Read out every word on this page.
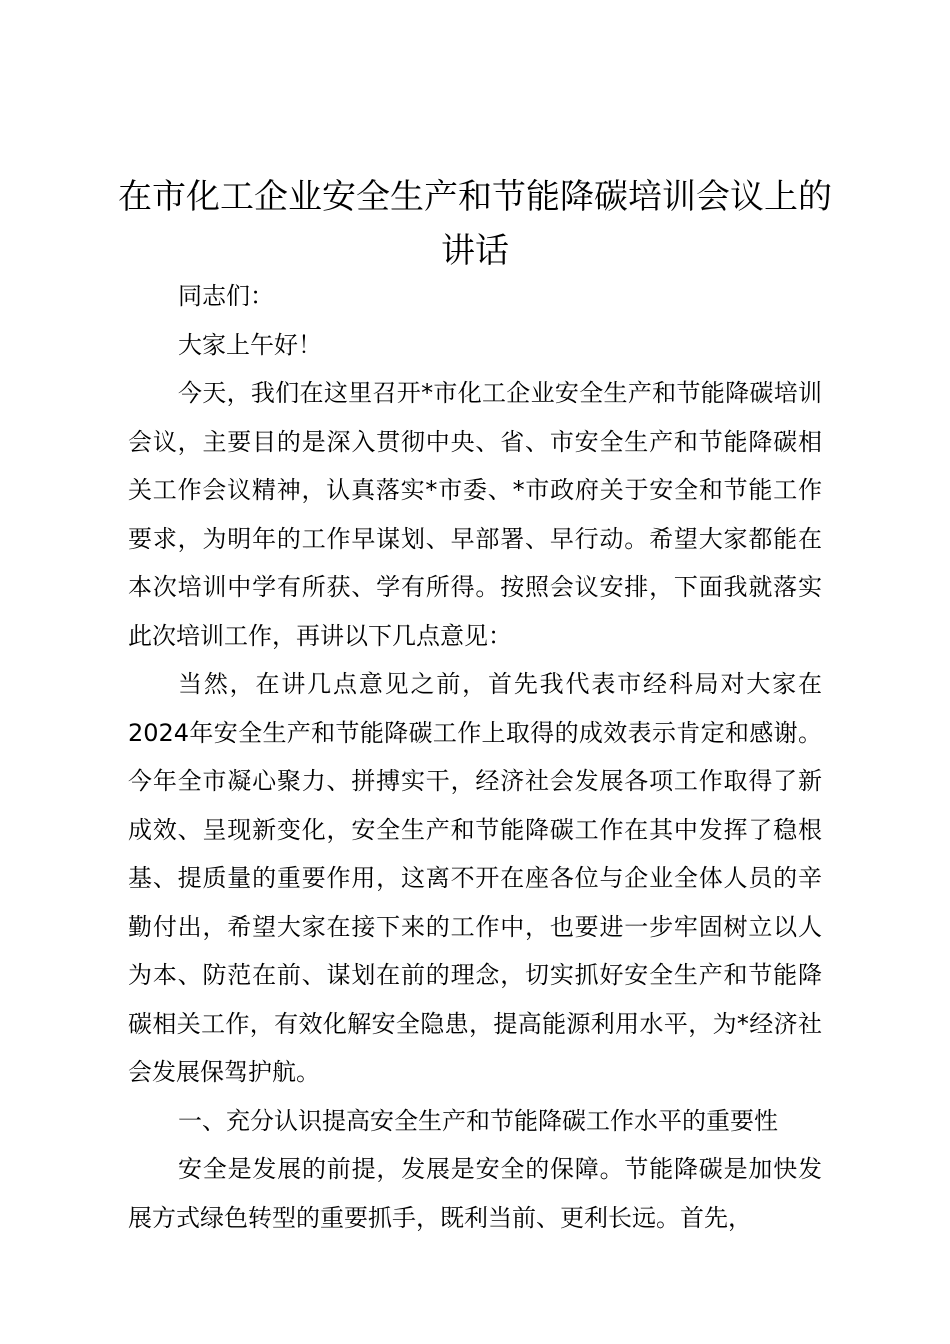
在市化工企业安全生产和节能降碳培训会议上的讲话

同志们：

大家上午好！

今天，我们在这里召开*市化工企业安全生产和节能降碳培训会议，主要目的是深入贯彻中央、省、市安全生产和节能降碳相关工作会议精神，认真落实*市委、*市政府关于安全和节能工作要求，为明年的工作早谋划、早部署、早行动。希望大家都能在本次培训中学有所获、学有所得。按照会议安排，下面我就落实此次培训工作，再讲以下几点意见：

当然，在讲几点意见之前，首先我代表市经科局对大家在2024年安全生产和节能降碳工作上取得的成效表示肯定和感谢。今年全市凝心聚力、拼搏实干，经济社会发展各项工作取得了新成效、呈现新变化，安全生产和节能降碳工作在其中发挥了稳根基、提质量的重要作用，这离不开在座各位与企业全体人员的辛勤付出，希望大家在接下来的工作中，也要进一步牢固树立以人为本、防范在前、谋划在前的理念，切实抓好安全生产和节能降碳相关工作，有效化解安全隐患，提高能源利用水平，为*经济社会发展保驾护航。

一、充分认识提高安全生产和节能降碳工作水平的重要性

安全是发展的前提，发展是安全的保障。节能降碳是加快发展方式绿色转型的重要抓手，既利当前、更利长远。首先，
